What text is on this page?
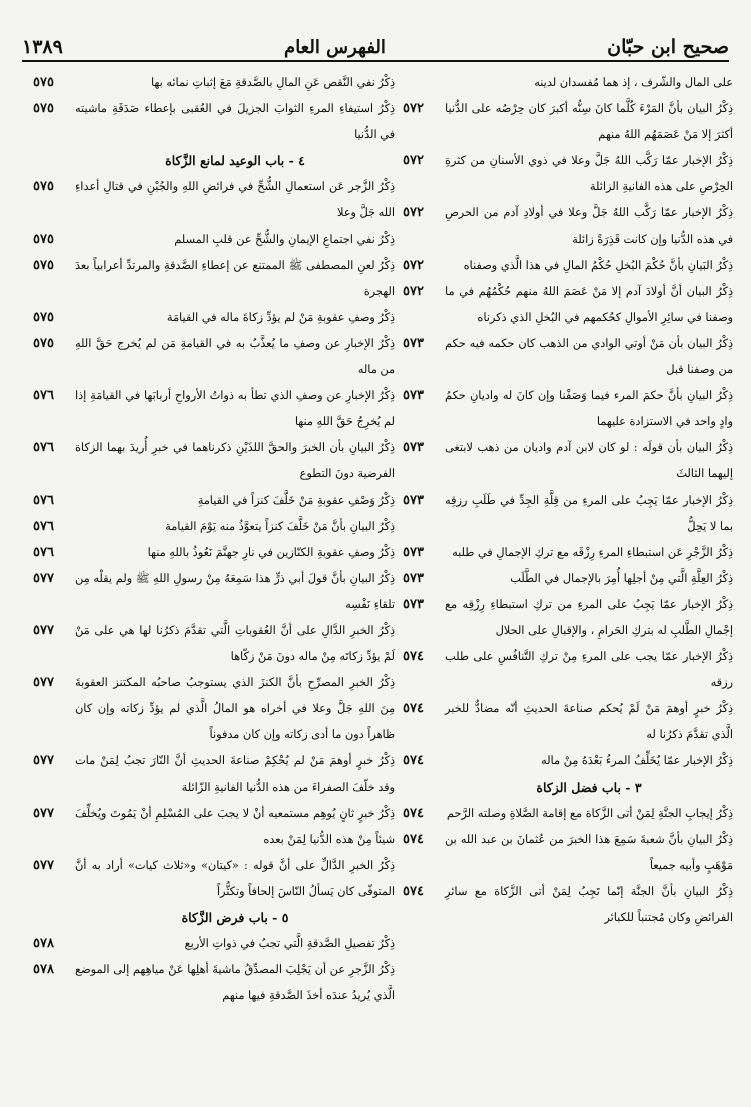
صحيح ابن حبّان
الفهرس العام
١٣٨٩
على المال والشّرف ، إذ هما مُفسدان لدينه
ذِكْرُ البيان بأنَّ المَرْءَ كُلَّما كانَ سِنُّه أكبرَ كان حِرْصُه على الدُّنيا أكثرَ إلا مَنْ عَصَمَهُم اللهُ منهم
٥٧٢
ذِكْرُ الإخبار عمّا رَكَّب اللهُ جَلَّ وعلا في ذوي الأسنانِ من كثرةِ الحِرْصِ على هذه الفانيةِ الزائلة
٥٧٢
ذِكْرُ الإخبار عمّا رَكَّب اللهُ جَلَّ وعلا في أولادِ آدم من الحرصِ في هذه الدُّنيا وإن كانت قَذِرَةً زائلة
٥٧٢
ذِكْرُ البَيانِ بأنَّ حُكْمَ البُخلِ حُكْمُ المالِ في هذا الَّذي وصفناه
٥٧٢
ذِكْرُ البيان أنَّ أولادَ آدم إلا مَنْ عَصَمَ اللهُ منهم حُكْمُهُم في ما وصفنا في سائِرِ الأموالِ كحُكمهم في البُخلِ الذي ذكرناه
٥٧٢
ذِكْرُ البيان بأن مَنْ أوتي الوادي من الذهب كان حكمه فيه حكم من وصفنا قبل
٥٧٣
ذِكْرُ البيانِ بأنَّ حكمَ المرء فيما وَصَفْنا وإن كانَ له واديانِ حكمُ وادٍ واحد في الاستزادة عليهما
٥٧٣
ذِكْرُ البيان بأن قولَه : لو كان لابن آدم واديان من ذهب لابتغى إليهما الثالثَ
٥٧٣
ذِكْرُ الإخبار عمّا يَجِبُ على المرءِ من قِلَّةِ الجِدِّ في طَلَبِ رزقِه بما لا يَحِلُّ
٥٧٣
ذِكْرُ الزَّجْرِ عَن استبطاءِ المرءِ رِزْقَه مع تركِ الإجمالِ في طلبه
٥٧٣
ذِكْرُ العِلَّةِ الَّتي مِنْ أجلِها أُمِرَ بالإجمال في الطَّلَب
٥٧٣
ذِكْرُ الإخبار عمّا يَجِبُ على المرءِ من تركِ استبطاءِ رِزْقِه مع إجْمالِ الطَّلبِ له بتركِ الحَرامِ ، والإقبالِ على الحلال
٥٧٣
ذِكْرُ الإخبار عمّا يجب على المرءِ مِنْ تركِ التَّنافُسِ على طلب رزقه
٥٧٤
ذِكْرُ خبرٍ أوهمَ مَنْ لَمْ يُحكم صناعةَ الحديثِ أنّه مضادٌّ للخبر الَّذي تقدَّمَ ذكرُنا له
٥٧٤
ذِكْرُ الإخبار عمّا يُخَلِّفُ المرءُ بَعْدَهُ مِنْ ماله
٥٧٤
٣ - باب فضل الزكاة
ذِكْرُ إيجابِ الجنَّةِ لِمَنْ أتى الزَّكاة مع إقامة الصَّلاةِ وصلته الرَّحم
٥٧٤
ذِكْرُ البيانِ بأنَّ شعبةَ سَمِعَ هذا الخبرَ من عُثمانَ بن عبد الله بن مَوْهَبٍ وأبيه جميعاً
٥٧٤
ذِكْرُ البيانِ بأنَّ الجنَّة إنّما تَجِبُ لِمَنْ أتى الزَّكاة مع سائرِ الفرائضِ وكان مُجتنباً للكبائر
٥٧٤
ذِكْرُ نفي النَّقص عَنِ المالِ بالصَّدقةِ مَعَ إثباتِ نمائه بها
٥٧٥
ذِكْرُ استيفاءِ المرءِ الثوابَ الجزيلَ في العُقبى بإعطاء صَدَقَةِ ماشيته في الدُّنيا
٥٧٥
٤ - باب الوعيد لمانع الزَّكاة
ذِكْرُ الزَّجر عَن استعمالِ الشُّحِّ في فرائضِ اللهِ والجُبْنِ في قتالِ أعداءِ الله جَلَّ وعلا
٥٧٥
ذِكْرُ نفي اجتماعِ الإيمانِ والشُّحِّ عن قلبِ المسلم
٥٧٥
ذِكْرُ لعنِ المصطفى ﷺ الممتنع عن إعطاءِ الصَّدقةِ والمرتدِّ أعرابياً بعدَ الهجرة
٥٧٥
ذِكْرُ وصفِ عقوبةِ مَنْ لم يؤدِّ زكاةَ ماله في القيامَة
٥٧٥
ذِكْرُ الإخبارِ عن وصفِ ما يُعذَّبُ به في القيامةِ مَن لم يُخرج حَقَّ اللهِ من ماله
٥٧٥
ذِكْرُ الإخبارِ عن وصفِ الذي تطأ به ذواتُ الأرواحِ أربابَها في القيامَةِ إذا لم يُخرِجُ حَقَّ اللهِ منها
٥٧٦
ذِكْرُ البيانِ بأن الخبرَ والحقَّ اللذَيْنِ ذكرناهما في خبرِ أُريدَ بهما الزكاة الفرضية دونَ التطوع
٥٧٦
ذِكْرُ وَصْفِ عقوبةِ مَنْ خَلَّفَ كنزاً في القيامةِ
٥٧٦
ذِكْرُ البيانِ بأنَّ مَنْ خَلَّفَ كنزاً يتعوَّذُ منه يَوْمَ القيامة
٥٧٦
ذِكْرُ وصفِ عقوبةِ الكنّازين في نارِ جهنَّمَ نَعُوذُ باللهِ منها
٥٧٦
ذِكْرُ البيانِ بأنَّ قولَ أبي ذرٍّ هذا سَمِعَهُ مِنْ رسولِ اللهِ ﷺ ولم يقلْه مِن تلقاءِ نَفْسِه
٥٧٧
ذِكْرُ الخبرِ الدَّالِ على أنَّ العُقوباتِ الَّتي تقدَّمَ ذكرُنا لها هي على مَنْ لَمْ يؤدِّ زكاتَه مِنْ ماله دونَ مَنْ زكّاها
٥٧٧
ذِكْرُ الخبرِ المصرِّحِ بأنَّ الكنزَ الذي يستوجبُ صاحبُه المكتنز العقوبةَ مِنَ اللهِ جَلَّ وعلا في أخراه هو المالُ الَّذي لم يؤدِّ زكاته وإن كان ظاهراً دون ما أدى زكاته وإن كان مدفوناً
٥٧٧
ذِكْرُ خبرٍ أوهمَ مَنْ لم يُحْكِمْ صناعةَ الحديثِ أنَّ النّارَ تجبُ لِمَنْ مات وقد خلّفَ الصفراءَ من هذه الدُّنيا الفانيةِ الزّائلة
٥٧٧
ذِكْرُ خبرٍ ثانٍ يُوهِم مستمعيه أنْ لا يجبَ على المُسْلِمِ أنْ يَمُوتَ ويُخلِّفَ شيئاً مِنْ هذه الدُّنيا لِمَنْ بعده
٥٧٧
ذِكْرُ الخبرِ الدَّالِّ على أنَّ قوله : «كيتان» و«ثلاث كيات» أراد به أنَّ المتوفّى كان يَسألُ النّاسَ إلحافاً وتكثُّراً
٥٧٧
٥ - باب فرض الزَّكاة
ذِكْرُ تفصيلِ الصَّدقةِ الَّتي تجبُ في ذواتِ الأربع
٥٧٨
ذِكْرُ الزَّجرِ عن أن يَجْلِبَ المصدِّقُ ماشيةَ أهلِها عَنْ مياهِهم إلى الموضع الَّذي يُريدُ عندَه أخذَ الصَّدقةِ فيها منهم
٥٧٨
